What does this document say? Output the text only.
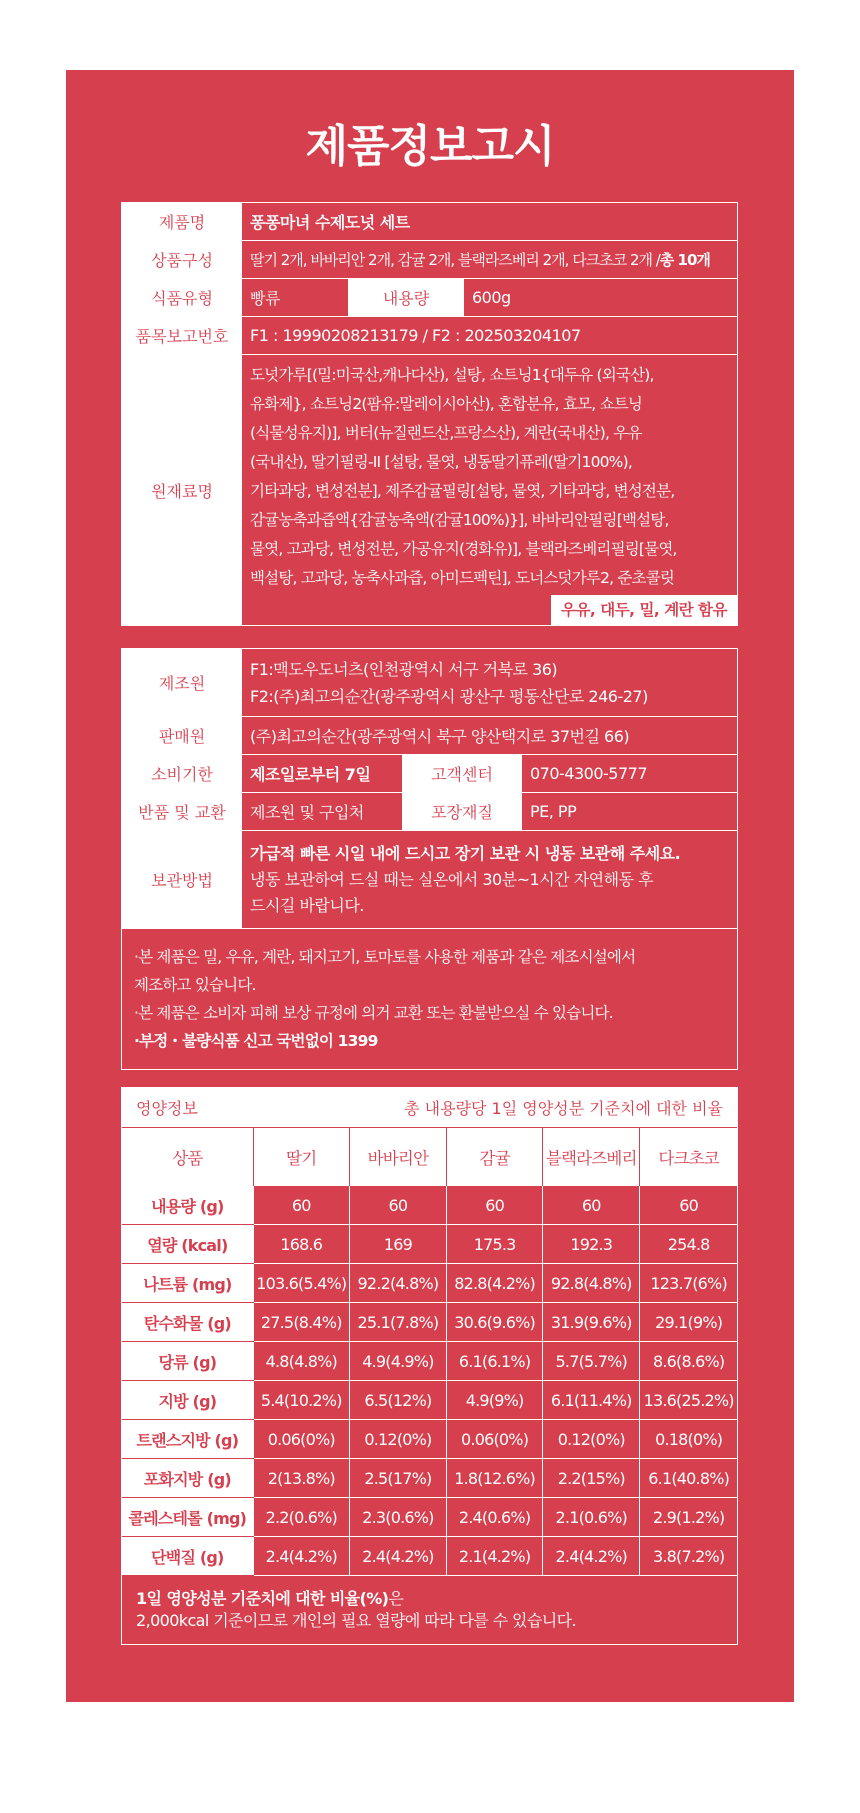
제품정보고시
제품명	퐁퐁마녀 수제도넛 세트
상품구성	딸기 2개, 바바리안 2개, 감귤 2개, 블랙라즈베리 2개, 다크초코 2개 / 총 10개
식품유형	빵류	내용량	600g
품목보고번호	F1 : 19990208213179 / F2 : 202503204107
원재료명
도넛가루[(밀:미국산,캐나다산), 설탕, 쇼트닝1{대두유 (외국산),
유화제}, 쇼트닝2(팜유:말레이시아산), 혼합분유, 효모, 쇼트닝
(식물성유지)], 버터(뉴질랜드산,프랑스산), 계란(국내산), 우유
(국내산), 딸기필링-II [설탕, 물엿, 냉동딸기퓨레(딸기100%),
기타과당, 변성전분], 제주감귤필링[설탕, 물엿, 기타과당, 변성전분,
감귤농축과즙액{감귤농축액(감귤100%)}], 바바리안필링[백설탕,
물엿, 고과당, 변성전분, 가공유지(경화유)], 블랙라즈베리필링[물엿,
백설탕, 고과당, 농축사과즙, 아미드펙틴], 도너스덧가루2, 준초콜릿
우유, 대두, 밀, 계란 함유
제조원
F1:맥도우도너츠(인천광역시 서구 거북로 36)
F2:(주)최고의순간(광주광역시 광산구 평동산단로 246-27)
판매원	(주)최고의순간(광주광역시 북구 양산택지로 37번길 66)
소비기한	제조일로부터 7일	고객센터	070-4300-5777
반품 및 교환	제조원 및 구입처	포장재질	PE, PP
보관방법
가급적 빠른 시일 내에 드시고 장기 보관 시 냉동 보관해 주세요.
냉동 보관하여 드실 때는 실온에서 30분~1시간 자연해동 후
드시길 바랍니다.
·본 제품은 밀, 우유, 계란, 돼지고기, 토마토를 사용한 제품과 같은 제조시설에서
제조하고 있습니다.
·본 제품은 소비자 피해 보상 규정에 의거 교환 또는 환불받으실 수 있습니다.
·부정・불량식품 신고 국번없이 1399
영양정보	총 내용량당 1일 영양성분 기준치에 대한 비율
상품	딸기	바바리안	감귤	블랙라즈베리	다크초코
내용량 (g)	60	60	60	60	60
열량 (kcal)	168.6	169	175.3	192.3	254.8
나트륨 (mg)	103.6(5.4%)	92.2(4.8%)	82.8(4.2%)	92.8(4.8%)	123.7(6%)
탄수화물 (g)	27.5(8.4%)	25.1(7.8%)	30.6(9.6%)	31.9(9.6%)	29.1(9%)
당류 (g)	4.8(4.8%)	4.9(4.9%)	6.1(6.1%)	5.7(5.7%)	8.6(8.6%)
지방 (g)	5.4(10.2%)	6.5(12%)	4.9(9%)	6.1(11.4%)	13.6(25.2%)
트랜스지방 (g)	0.06(0%)	0.12(0%)	0.06(0%)	0.12(0%)	0.18(0%)
포화지방 (g)	2(13.8%)	2.5(17%)	1.8(12.6%)	2.2(15%)	6.1(40.8%)
콜레스테롤 (mg)	2.2(0.6%)	2.3(0.6%)	2.4(0.6%)	2.1(0.6%)	2.9(1.2%)
단백질 (g)	2.4(4.2%)	2.4(4.2%)	2.1(4.2%)	2.4(4.2%)	3.8(7.2%)
1일 영양성분 기준치에 대한 비율(%)은
2,000kcal 기준이므로 개인의 필요 열량에 따라 다를 수 있습니다.
